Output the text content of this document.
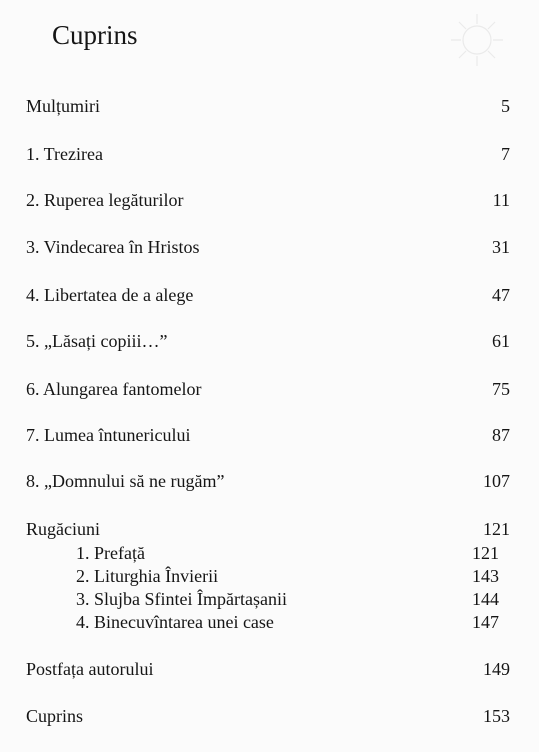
Cuprins
Mulțumiri	5
1. Trezirea	7
2. Ruperea legăturilor	11
3. Vindecarea în Hristos	31
4. Libertatea de a alege	47
5. „Lăsați copiii…”	61
6. Alungarea fantomelor	75
7. Lumea întunericului	87
8. „Domnului să ne rugăm”	107
Rugăciuni	121
1. Prefață	121
2. Liturghia Învierii	143
3. Slujba Sfintei Împărtașanii	144
4. Binecuvîntarea unei case	147
Postfața autorului	149
Cuprins	153
